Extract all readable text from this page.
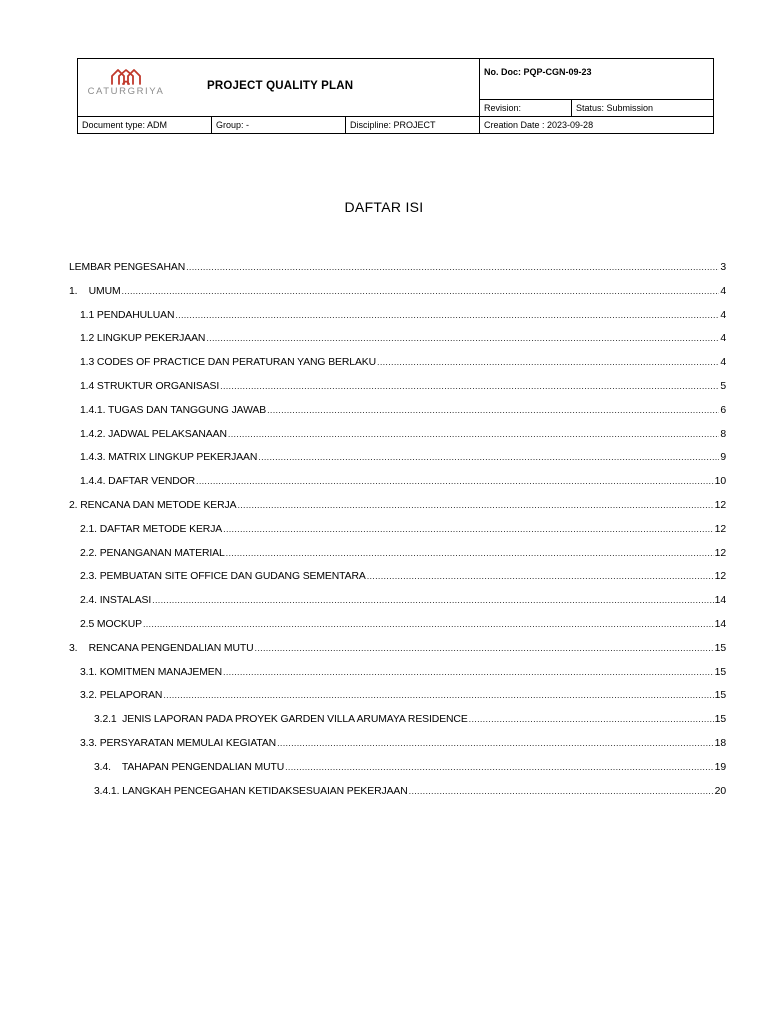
CATURGRIYA PROJECT QUALITY PLAN			No. Doc: PQP-CGN-09-23	
			Revision:	Status: Submission
Document type: ADM	Group: -	Discipline: PROJECT	Creation Date : 2023-09-28	
DAFTAR ISI
LEMBAR PENGESAHAN .....	3
1.    UMUM .....	4
1.1 PENDAHULUAN .....	4
1.2 LINGKUP PEKERJAAN .....	4
1.3 CODES OF PRACTICE DAN PERATURAN YANG BERLAKU .....	4
1.4 STRUKTUR ORGANISASI .....	5
1.4.1. TUGAS DAN TANGGUNG JAWAB .....	6
1.4.2. JADWAL PELAKSANAAN .....	8
1.4.3. MATRIX LINGKUP PEKERJAAN .....	9
1.4.4. DAFTAR VENDOR .....	10
2. RENCANA DAN METODE KERJA .....	12
2.1. DAFTAR METODE KERJA .....	12
2.2. PENANGANAN MATERIAL .....	12
2.3. PEMBUATAN SITE OFFICE DAN GUDANG SEMENTARA .....	12
2.4. INSTALASI .....	14
2.5 MOCKUP .....	14
3.    RENCANA PENGENDALIAN MUTU .....	15
3.1. KOMITMEN MANAJEMEN .....	15
3.2. PELAPORAN .....	15
3.2.1  JENIS LAPORAN PADA PROYEK GARDEN VILLA ARUMAYA RESIDENCE .....	15
3.3. PERSYARATAN MEMULAI KEGIATAN .....	18
3.4.    TAHAPAN PENGENDALIAN MUTU .....	19
3.4.1. LANGKAH PENCEGAHAN KETIDAKSESUAIAN PEKERJAAN .....	20
